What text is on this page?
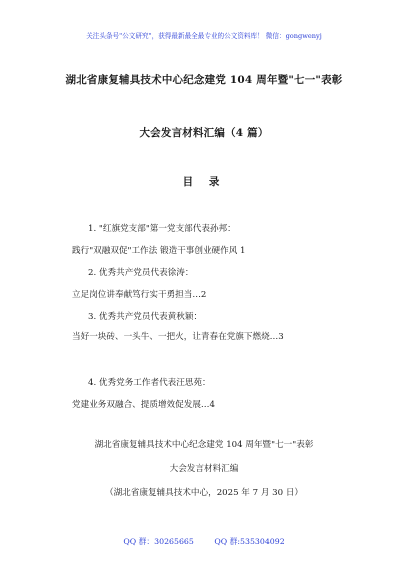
关注头条号"公文研究"，获得最新最全最专业的公文资料库！ 微信：gongwenyj
湖北省康复辅具技术中心纪念建党 104 周年暨"七一"表彰
大会发言材料汇编（4 篇）
目 录
1. "红旗党支部"第一党支部代表孙邦：
践行"双融双促"工作法 锻造干事创业硬作风 1
2. 优秀共产党员代表徐涛：
立足岗位讲奉献笃行实干勇担当…2
3. 优秀共产党员代表黄秋颖：
当好一块砖、一头牛、一把火，让青春在党旗下燃烧…3
4. 优秀党务工作者代表汪思苑：
党建业务双融合、提质增效促发展…4
湖北省康复辅具技术中心纪念建党 104 周年暨"七一"表彰
大会发言材料汇编
（湖北省康复辅具技术中心，2025 年 7 月 30 日）
QQ 群：30265665	QQ 群:535304092
